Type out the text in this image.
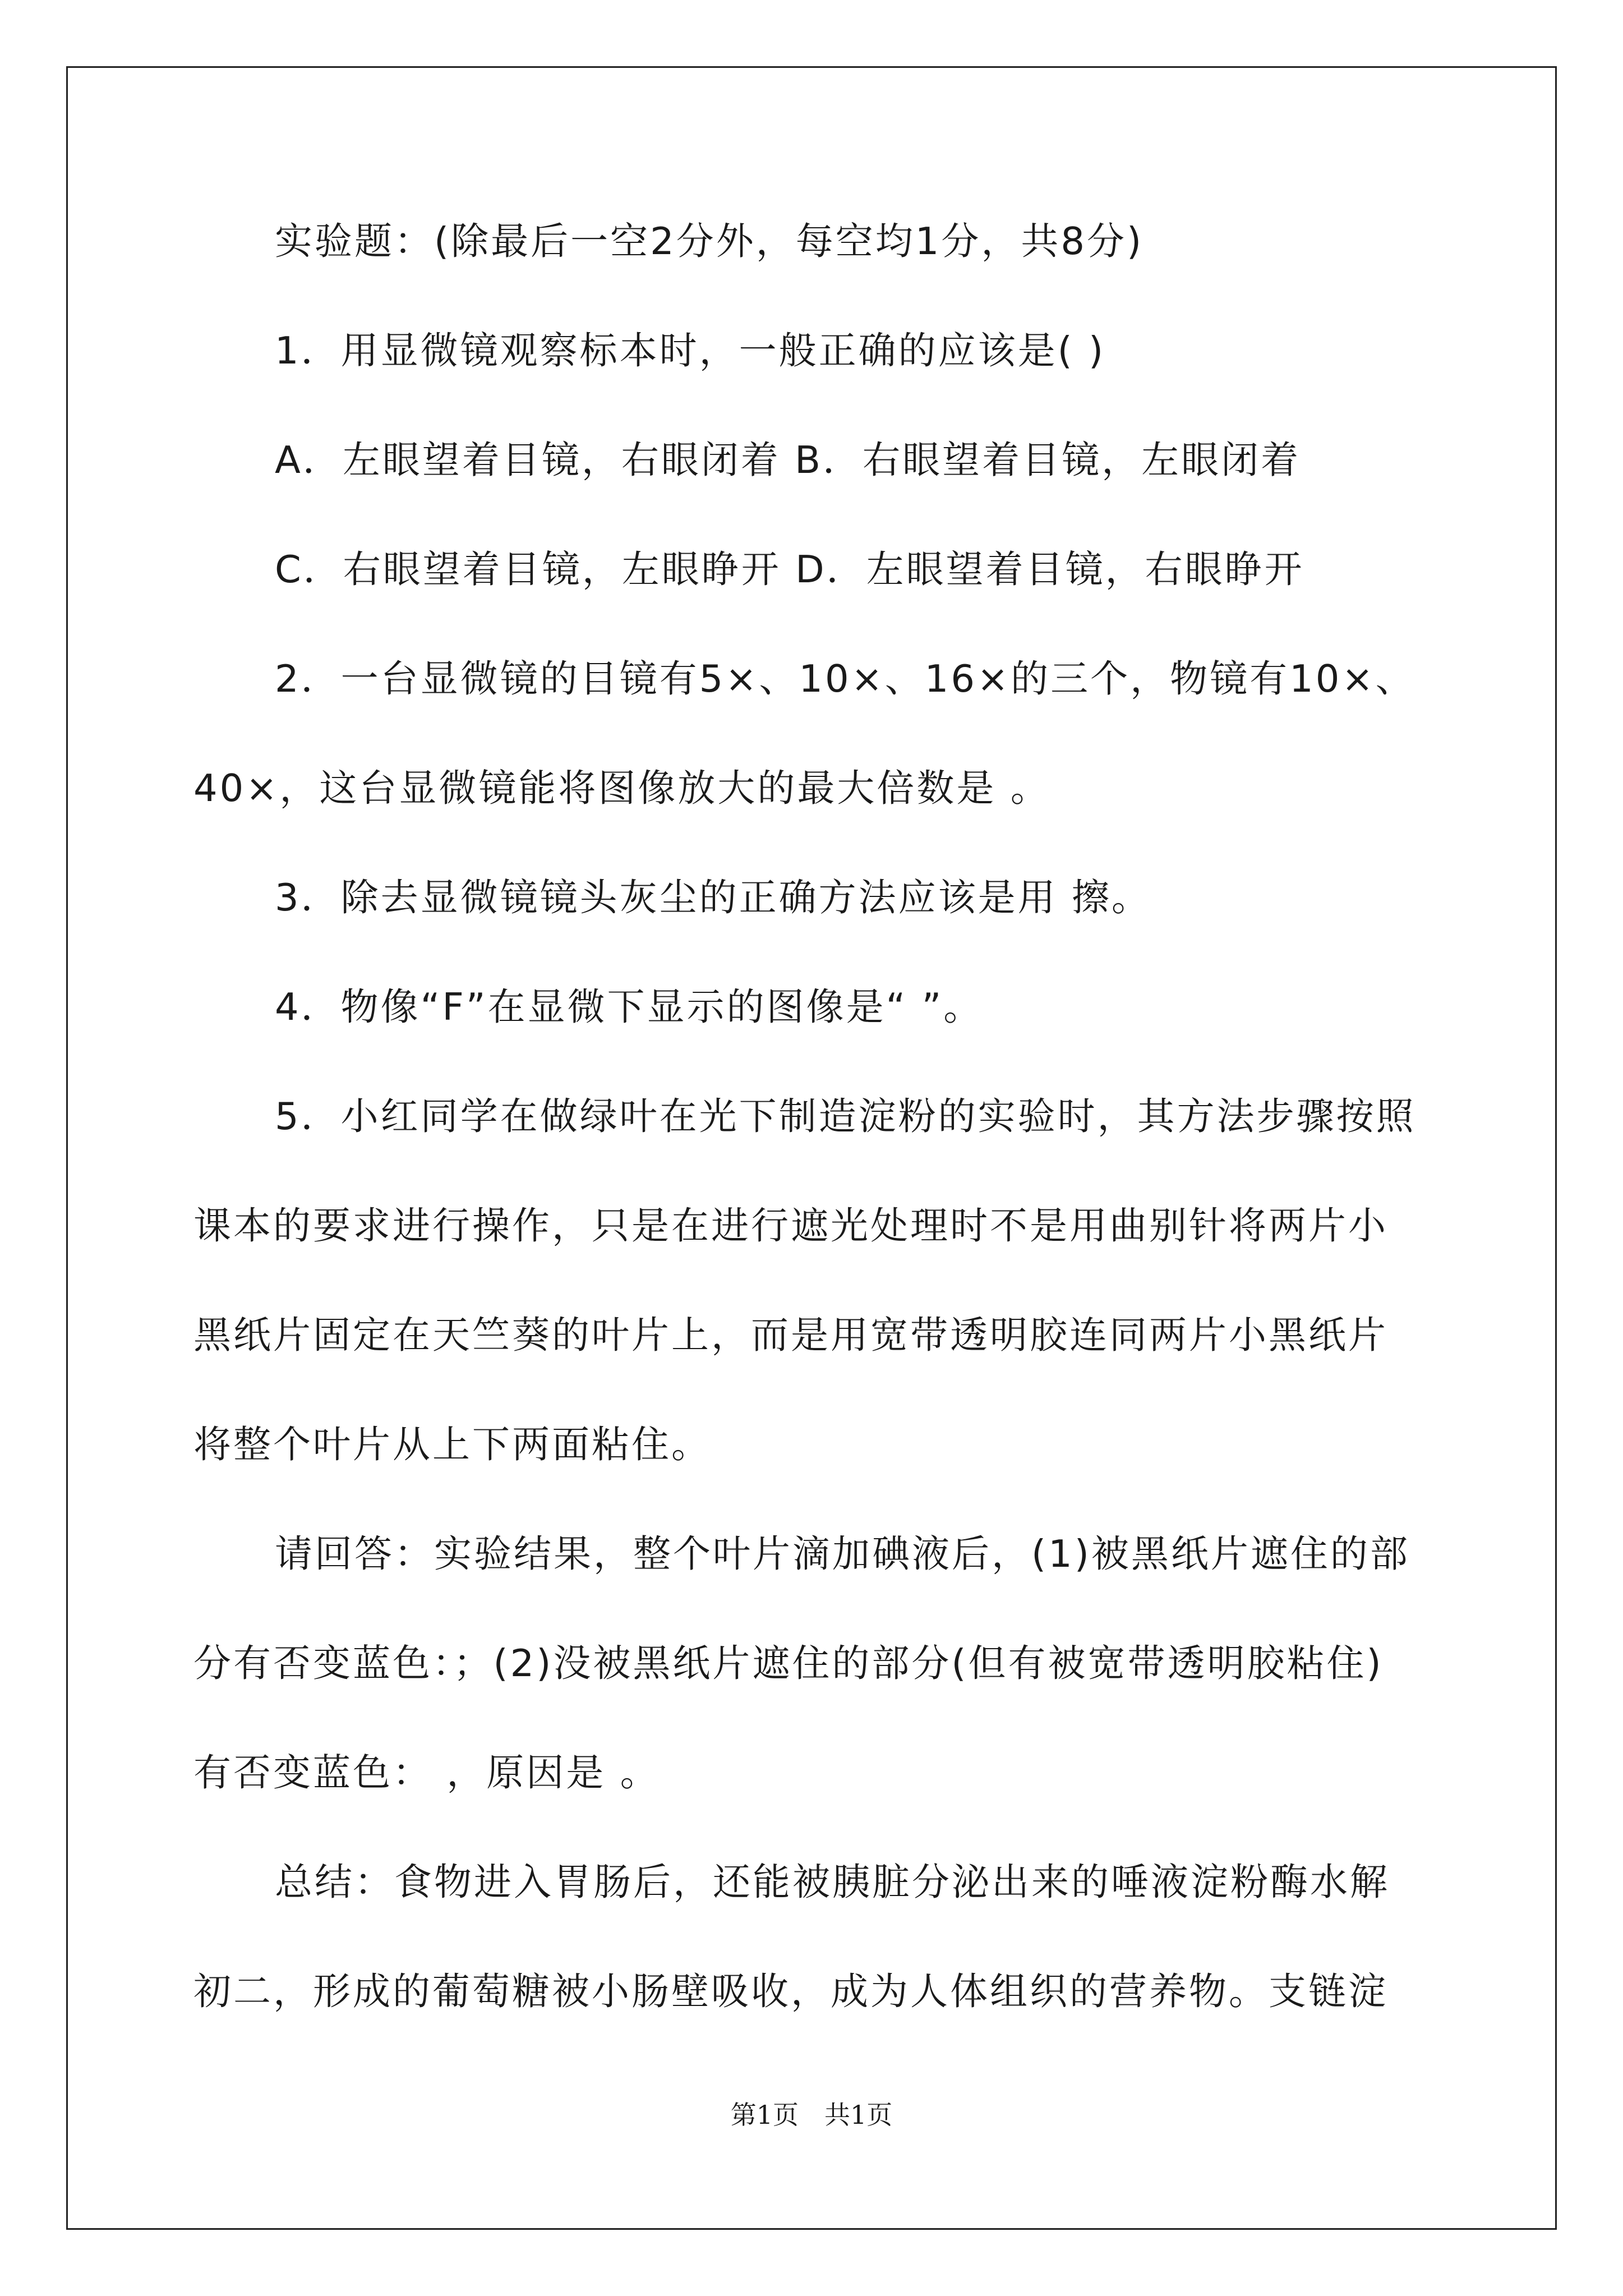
实验题：(除最后一空2分外，每空均1分，共8分)
1．用显微镜观察标本时，一般正确的应该是( )
A．左眼望着目镜，右眼闭着 B．右眼望着目镜，左眼闭着
C．右眼望着目镜，左眼睁开 D．左眼望着目镜，右眼睁开
2．一台显微镜的目镜有5×、10×、16×的三个，物镜有10×、
40×，这台显微镜能将图像放大的最大倍数是 。
3．除去显微镜镜头灰尘的正确方法应该是用 擦。
4．物像“F”在显微下显示的图像是“ ”。
5．小红同学在做绿叶在光下制造淀粉的实验时，其方法步骤按照
课本的要求进行操作，只是在进行遮光处理时不是用曲别针将两片小
黑纸片固定在天竺葵的叶片上，而是用宽带透明胶连同两片小黑纸片
将整个叶片从上下两面粘住。
请回答：实验结果，整个叶片滴加碘液后，(1)被黑纸片遮住的部
分有否变蓝色：；(2)没被黑纸片遮住的部分(但有被宽带透明胶粘住)
有否变蓝色： ，原因是 。
总结：食物进入胃肠后，还能被胰脏分泌出来的唾液淀粉酶水解
初二，形成的葡萄糖被小肠壁吸收，成为人体组织的营养物。支链淀
第1页　共1页
